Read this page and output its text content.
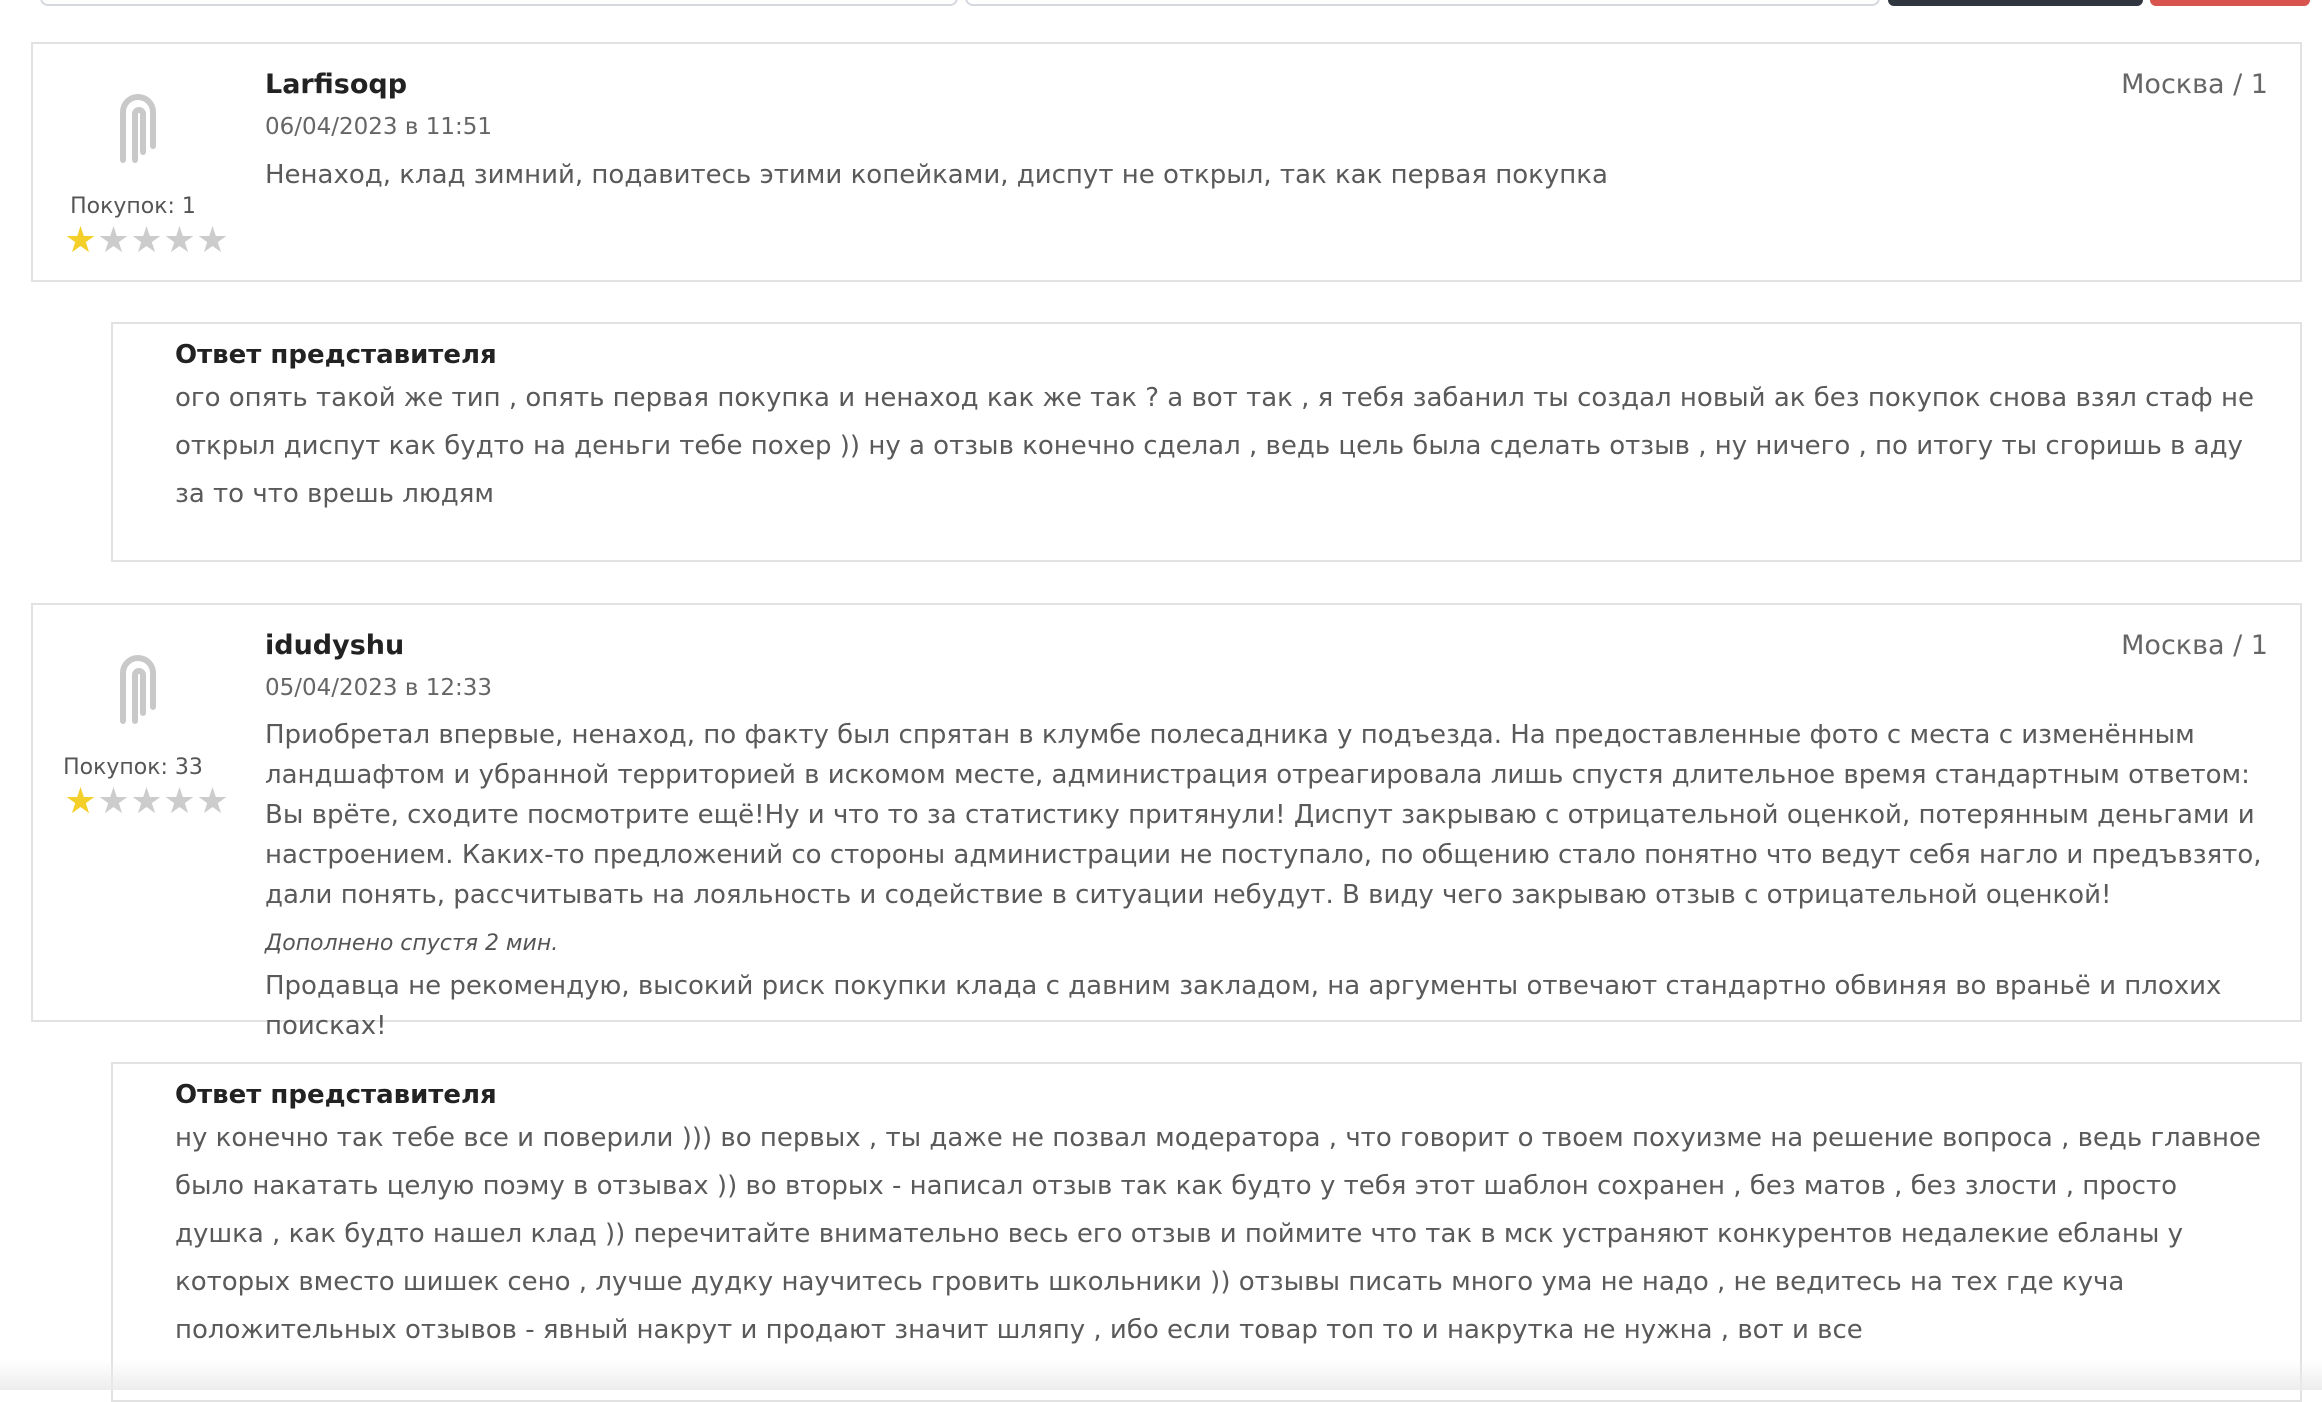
Покупок: 1
★ ★ ★ ★ ★
Larfisoqp
06/04/2023 в 11:51
Москва / 1
Ненаход, клад зимний, подавитесь этими копейками, диспут не открыл, так как первая покупка
Ответ представителя
ого опять такой же тип , опять первая покупка и ненаход как же так ? а вот так , я тебя забанил ты создал новый ак без покупок снова взял стаф не открыл диспут как будто на деньги тебе похер )) ну а отзыв конечно сделал , ведь цель была сделать отзыв , ну ничего , по итогу ты сгоришь в аду за то что врешь людям
Покупок: 33
★ ★ ★ ★ ★
idudyshu
05/04/2023 в 12:33
Москва / 1
Приобретал впервые, ненаход, по факту был спрятан в клумбе полесадника у подъезда. На предоставленные фото с места с изменённым ландшафтом и убранной территорией в искомом месте, администрация отреагировала лишь спустя длительное время стандартным ответом: Вы врёте, сходите посмотрите ещё!Ну и что то за статистику притянули! Диспут закрываю с отрицательной оценкой, потерянным деньгами и настроением. Каких-то предложений со стороны администрации не поступало, по общению стало понятно что ведут себя нагло и предъвзято, дали понять, рассчитывать на лояльность и содействие в ситуации небудут. В виду чего закрываю отзыв с отрицательной оценкой!
Дополнено спустя 2 мин.
Продавца не рекомендую, высокий риск покупки клада с давним закладом, на аргументы отвечают стандартно обвиняя во враньё и плохих поисках!
Ответ представителя
ну конечно так тебе все и поверили ))) во первых , ты даже не позвал модератора , что говорит о твоем похуизме на решение вопроса , ведь главное было накатать целую поэму в отзывах )) во вторых - написал отзыв так как будто у тебя этот шаблон сохранен , без матов , без злости , просто душка , как будто нашел клад )) перечитайте внимательно весь его отзыв и поймите что так в мск устраняют конкурентов недалекие ебланы у которых вместо шишек сено , лучше дудку научитесь гровить школьники )) отзывы писать много ума не надо , не ведитесь на тех где куча положительных отзывов - явный накрут и продают значит шляпу , ибо если товар топ то и накрутка не нужна , вот и все
